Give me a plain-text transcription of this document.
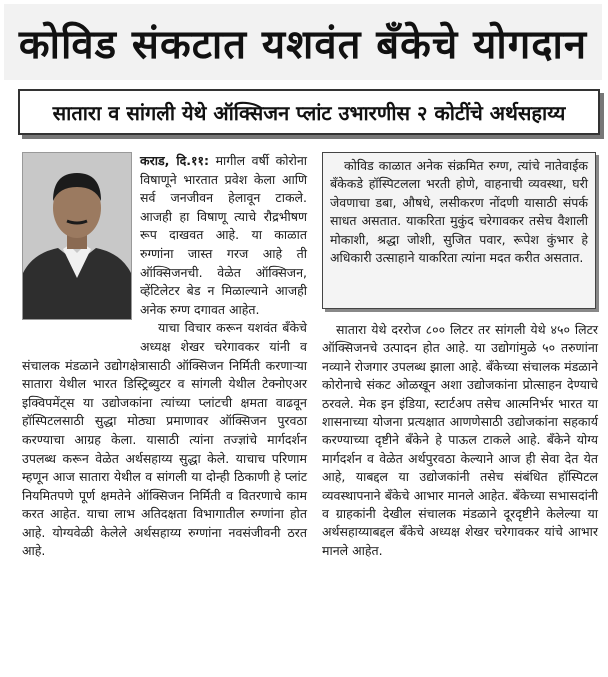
कोविड संकटात यशवंत बँकेचे योगदान
सातारा व सांगली येथे ऑक्सिजन प्लांट उभारणीस २ कोटींचे अर्थसहाय्य

कराड, दि.११: मागील वर्षी कोरोना विषाणूने भारतात प्रवेश केला आणि सर्व जनजीवन हेलावून टाकले. आजही हा विषाणू त्याचे रौद्रभीषण रूप दाखवत आहे. या काळात रुग्णांना जास्त गरज आहे ती ऑक्सिजनची. वेळेत ऑक्सिजन, व्हेंटिलेटर बेड न मिळाल्याने आजही अनेक रुग्ण दगावत आहेत.

याचा विचार करून यशवंत बँकेचे अध्यक्ष शेखर चरेगावकर यांनी व संचालक मंडळाने उद्योगक्षेत्रासाठी ऑक्सिजन निर्मिती करणाऱ्या सातारा येथील भारत डिस्ट्रिब्युटर व सांगली येथील टेक्नोएअर इक्विपमेंट्स या उद्योजकांना त्यांच्या प्लांटची क्षमता वाढवून हॉस्पिटलसाठी सुद्धा मोठ्या प्रमाणावर ऑक्सिजन पुरवठा करण्याचा आग्रह केला. यासाठी त्यांना तज्ज्ञांचे मार्गदर्शन उपलब्ध करून वेळेत अर्थसहाय्य सुद्धा केले. याचाच परिणाम म्हणून आज सातारा येथील व सांगली या दोन्ही ठिकाणी हे प्लांट नियमितपणे पूर्ण क्षमतेने ऑक्सिजन निर्मिती व वितरणाचे काम करत आहेत. याचा लाभ अतिदक्षता विभागातील रुग्णांना होत आहे. योग्यवेळी केलेले अर्थसहाय्य रुग्णांना नवसंजीवनी ठरत आहे.

कोविड काळात अनेक संक्रमित रुग्ण, त्यांचे नातेवाईक बँकेकडे हॉस्पिटलला भरती होणे, वाहनाची व्यवस्था, घरी जेवणाचा डबा, औषधे, लसीकरण नोंदणी यासाठी संपर्क साधत असतात. याकरिता मुकुंद चरेगावकर तसेच वैशाली मोकाशी, श्रद्धा जोशी, सुजित पवार, रूपेश कुंभार हे अधिकारी उत्साहाने याकरिता त्यांना मदत करीत असतात.

सातारा येथे दररोज ८०० लिटर तर सांगली येथे ४५० लिटर ऑक्सिजनचे उत्पादन होत आहे. या उद्योगांमुळे ५० तरुणांना नव्याने रोजगार उपलब्ध झाला आहे. बँकेच्या संचालक मंडळाने कोरोनाचे संकट ओळखून अशा उद्योजकांना प्रोत्साहन देण्याचे ठरवले. मेक इन इंडिया, स्टार्टअप तसेच आत्मनिर्भर भारत या शासनाच्या योजना प्रत्यक्षात आणणेसाठी उद्योजकांना सहकार्य करण्याच्या दृष्टीने बँकेने हे पाऊल टाकले आहे. बँकेने योग्य मार्गदर्शन व वेळेत अर्थपुरवठा केल्याने आज ही सेवा देत येत आहे, याबद्दल या उद्योजकांनी तसेच संबंधित हॉस्पिटल व्यवस्थापनाने बँकेचे आभार मानले आहेत. बँकेच्या सभासदांनी व ग्राहकांनी देखील संचालक मंडळाने दूरदृष्टीने केलेल्या या अर्थसहाय्याबद्दल बँकेचे अध्यक्ष शेखर चरेगावकर यांचे आभार मानले आहेत.
